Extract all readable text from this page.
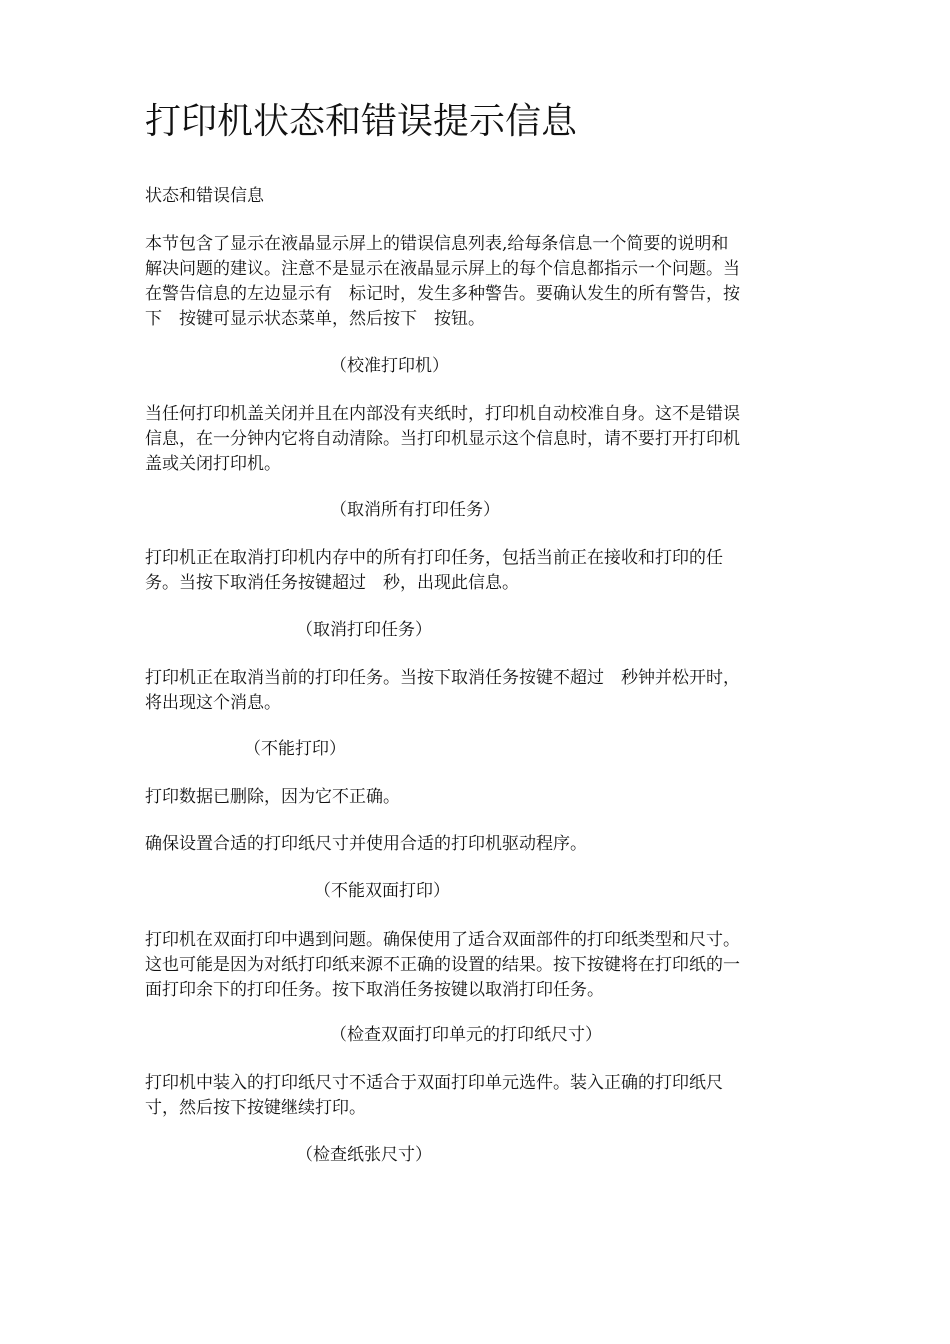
打印机状态和错误提示信息

状态和错误信息

本节包含了显示在液晶显示屏上的错误信息列表,给每条信息一个简要的说明和
解决问题的建议。注意不是显示在液晶显示屏上的每个信息都指示一个问题。当
在警告信息的左边显示有　标记时，发生多种警告。要确认发生的所有警告，按
下　按键可显示状态菜单，然后按下　按钮。

（校准打印机）

当任何打印机盖关闭并且在内部没有夹纸时，打印机自动校准自身。这不是错误
信息，在一分钟内它将自动清除。当打印机显示这个信息时，请不要打开打印机
盖或关闭打印机。

（取消所有打印任务）

打印机正在取消打印机内存中的所有打印任务，包括当前正在接收和打印的任
务。当按下取消任务按键超过　秒，出现此信息。

（取消打印任务）

打印机正在取消当前的打印任务。当按下取消任务按键不超过　秒钟并松开时，
将出现这个消息。

（不能打印）

打印数据已删除，因为它不正确。

确保设置合适的打印纸尺寸并使用合适的打印机驱动程序。

（不能双面打印）

打印机在双面打印中遇到问题。确保使用了适合双面部件的打印纸类型和尺寸。
这也可能是因为对纸打印纸来源不正确的设置的结果。按下按键将在打印纸的一
面打印余下的打印任务。按下取消任务按键以取消打印任务。

（检查双面打印单元的打印纸尺寸）

打印机中装入的打印纸尺寸不适合于双面打印单元选件。装入正确的打印纸尺
寸，然后按下按键继续打印。

（检查纸张尺寸）
